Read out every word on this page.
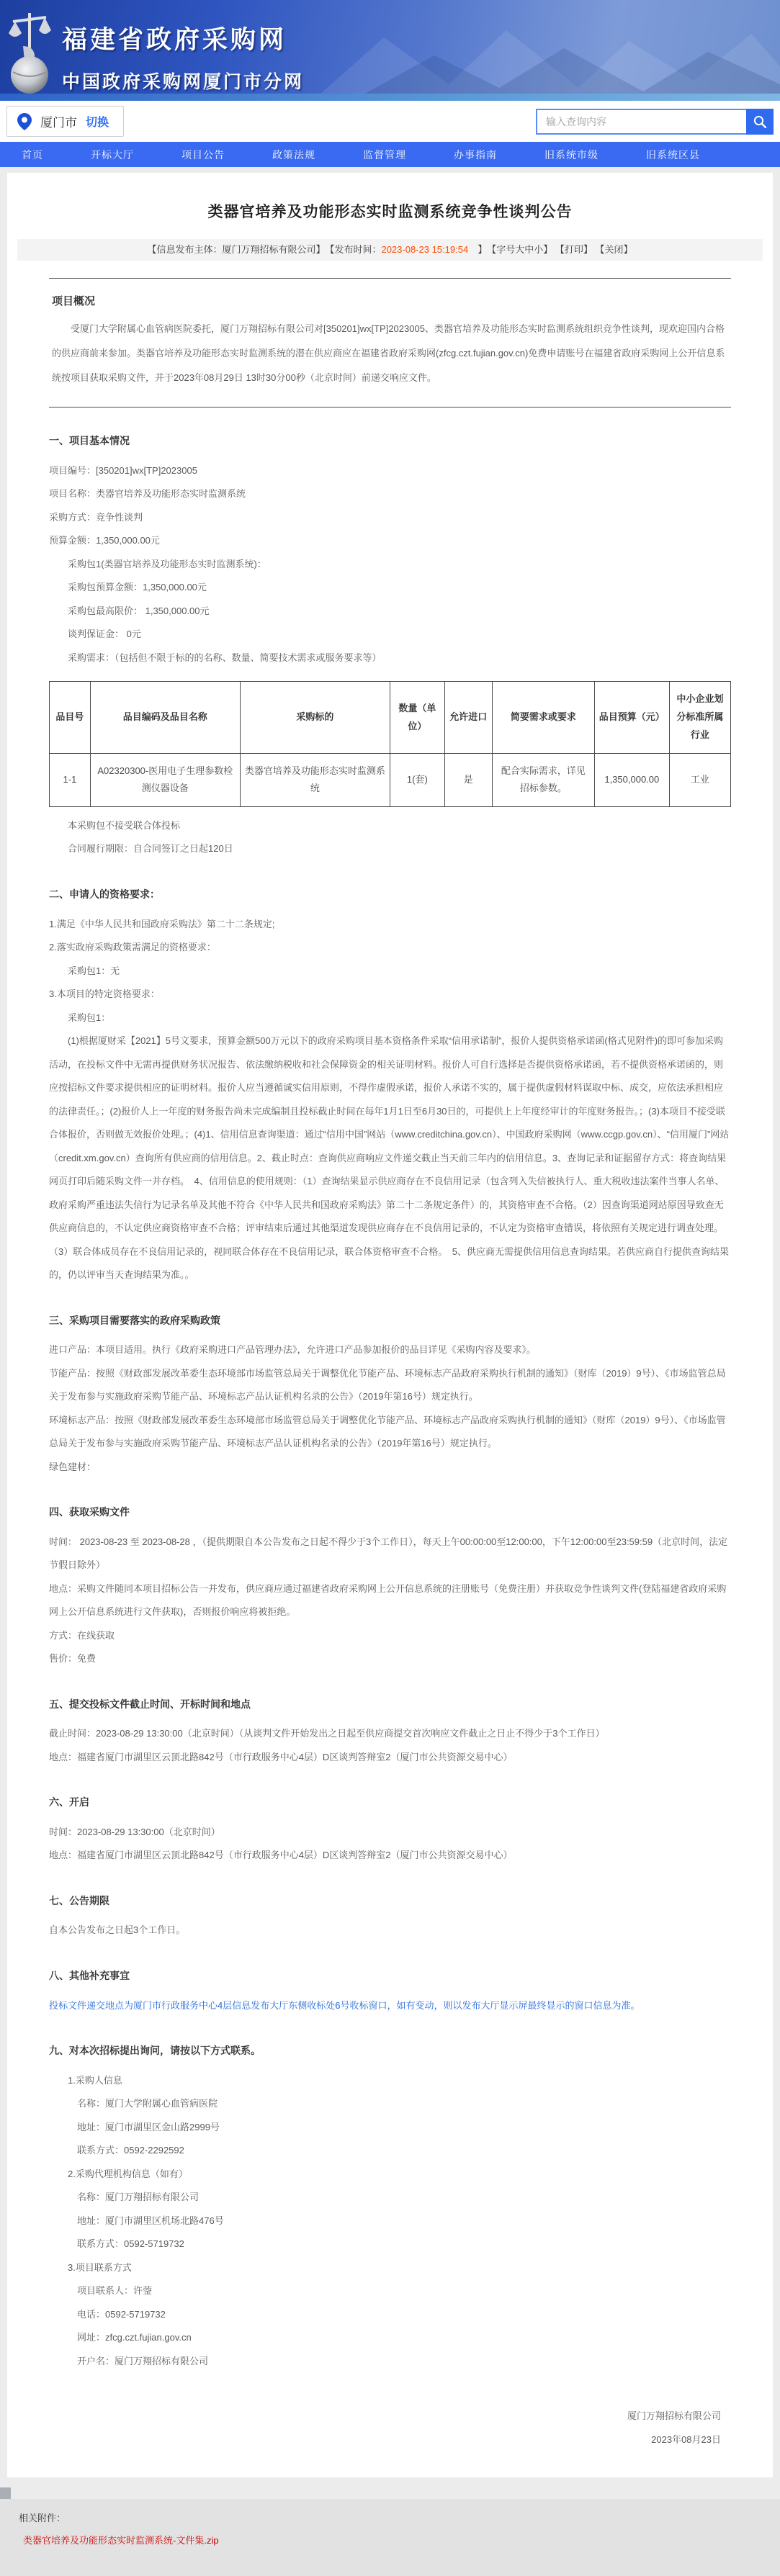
福建省政府采购网
中国政府采购网厦门市分网
厦门市 切换
输入查询内容
首页	开标大厅	项目公告	政策法规	监督管理	办事指南	旧系统市级	旧系统区县
类器官培养及功能形态实时监测系统竞争性谈判公告
【信息发布主体：厦门万翔招标有限公司】　【发布时间：2023-08-23 15:19:54　】　【字号大中小】 【打印】 【关闭】
项目概况

受厦门大学附属心血管病医院委托，厦门万翔招标有限公司对[350201]wx[TP]2023005、类器官培养及功能形态实时监测系统组织竞争性谈判，现欢迎国内合格的供应商前来参加。类器官培养及功能形态实时监测系统的潜在供应商应在福建省政府采购网(zfcg.czt.fujian.gov.cn)免费申请账号在福建省政府采购网上公开信息系统按项目获取采购文件，并于2023年08月29日 13时30分00秒（北京时间）前递交响应文件。

一、项目基本情况
项目编号：[350201]wx[TP]2023005
项目名称：类器官培养及功能形态实时监测系统
采购方式：竞争性谈判
预算金额：1,350,000.00元
采购包1(类器官培养及功能形态实时监测系统)：
采购包预算金额：1,350,000.00元
采购包最高限价： 1,350,000.00元
谈判保证金： 0元
采购需求：（包括但不限于标的的名称、数量、简要技术需求或服务要求等）
品目号	品目编码及品目名称	采购标的	数量（单位）	允许进口	简要需求或要求	品目预算（元）	中小企业划分标准所属行业
1-1	A02320300-医用电子生理参数检测仪器设备	类器官培养及功能形态实时监测系统	1(套)	是	配合实际需求，详见招标参数。	1,350,000.00	工业
本采购包不接受联合体投标
合同履行期限：自合同签订之日起120日
二、申请人的资格要求：
1.满足《中华人民共和国政府采购法》第二十二条规定;
2.落实政府采购政策需满足的资格要求：
采购包1：无
3.本项目的特定资格要求：
采购包1：

(1)根据厦财采【2021】5号文要求，预算金额500万元以下的政府采购项目基本资格条件采取“信用承诺制”，报价人提供资格承诺函(格式见附件)的即可参加采购活动，在投标文件中无需再提供财务状况报告、依法缴纳税收和社会保障资金的相关证明材料。报价人可自行选择是否提供资格承诺函，若不提供资格承诺函的，则应按招标文件要求提供相应的证明材料。报价人应当遵循诚实信用原则，不得作虚假承诺，报价人承诺不实的，属于提供虚假材料谋取中标、成交，应依法承担相应的法律责任。；(2)报价人上一年度的财务报告尚未完成编制且投标截止时间在每年1月1日至6月30日的，可提供上上年度经审计的年度财务报告。；(3)本项目不接受联合体报价，否则做无效报价处理。；(4)1、信用信息查询渠道：通过“信用中国”网站（www.creditchina.gov.cn）、中国政府采购网（www.ccgp.gov.cn）、“信用厦门”网站（credit.xm.gov.cn）查询所有供应商的信用信息。2、截止时点：查询供应商响应文件递交截止当天前三年内的信用信息。3、查询记录和证据留存方式：将查询结果网页打印后随采购文件一并存档。　4、信用信息的使用规则：（1）查询结果显示供应商存在不良信用记录（包含列入失信被执行人、重大税收违法案件当事人名单、政府采购严重违法失信行为记录名单及其他不符合《中华人民共和国政府采购法》第二十二条规定条件）的，其资格审查不合格。（2）因查询渠道网站原因导致查无供应商信息的，不认定供应商资格审查不合格；评审结束后通过其他渠道发现供应商存在不良信用记录的，不认定为资格审查错误，将依照有关规定进行调查处理。（3）联合体成员存在不良信用记录的，视同联合体存在不良信用记录，联合体资格审查不合格。　5、供应商无需提供信用信息查询结果。若供应商自行提供查询结果的，仍以评审当天查询结果为准。。

三、采购项目需要落实的政府采购政策
进口产品：本项目适用。执行《政府采购进口产品管理办法》，允许进口产品参加报价的品目详见《采购内容及要求》。
节能产品：按照《财政部发展改革委生态环境部市场监管总局关于调整优化节能产品、环境标志产品政府采购执行机制的通知》（财库（2019）9号）、《市场监管总局关于发布参与实施政府采购节能产品、环境标志产品认证机构名录的公告》（2019年第16号）规定执行。
环境标志产品：按照《财政部发展改革委生态环境部市场监管总局关于调整优化节能产品、环境标志产品政府采购执行机制的通知》（财库（2019）9号）、《市场监管总局关于发布参与实施政府采购节能产品、环境标志产品认证机构名录的公告》（2019年第16号）规定执行。
绿色建材：
四、获取采购文件
时间： 2023-08-23 至 2023-08-28 ，（提供期限自本公告发布之日起不得少于3个工作日），每天上午00:00:00至12:00:00，下午12:00:00至23:59:59（北京时间，法定节假日除外）
地点：采购文件随同本项目招标公告一并发布，供应商应通过福建省政府采购网上公开信息系统的注册账号（免费注册）并获取竞争性谈判文件(登陆福建省政府采购网上公开信息系统进行文件获取)，否则报价响应将被拒绝。
方式：在线获取
售价：免费
五、提交投标文件截止时间、开标时间和地点
截止时间：2023-08-29 13:30:00（北京时间）（从谈判文件开始发出之日起至供应商提交首次响应文件截止之日止不得少于3个工作日）
地点：福建省厦门市湖里区云顶北路842号（市行政服务中心4层）D区谈判答辩室2（厦门市公共资源交易中心）
六、开启
时间：2023-08-29 13:30:00（北京时间）
地点：福建省厦门市湖里区云顶北路842号（市行政服务中心4层）D区谈判答辩室2（厦门市公共资源交易中心）
七、公告期限
自本公告发布之日起3个工作日。
八、其他补充事宜
投标文件递交地点为厦门市行政服务中心4层信息发布大厅东侧收标处6号收标窗口，如有变动，则以发布大厅显示屏最终显示的窗口信息为准。
九、对本次招标提出询问，请按以下方式联系。
1.采购人信息
名称：厦门大学附属心血管病医院
地址：厦门市湖里区金山路2999号
联系方式：0592-2292592
2.采购代理机构信息（如有）
名称：厦门万翔招标有限公司
地址：厦门市湖里区机场北路476号
联系方式：0592-5719732
3.项目联系方式
项目联系人：许蓥
电话：0592-5719732
网址：zfcg.czt.fujian.gov.cn
开户名：厦门万翔招标有限公司
厦门万翔招标有限公司
2023年08月23日
相关附件：
类器官培养及功能形态实时监测系统-文件集.zip
